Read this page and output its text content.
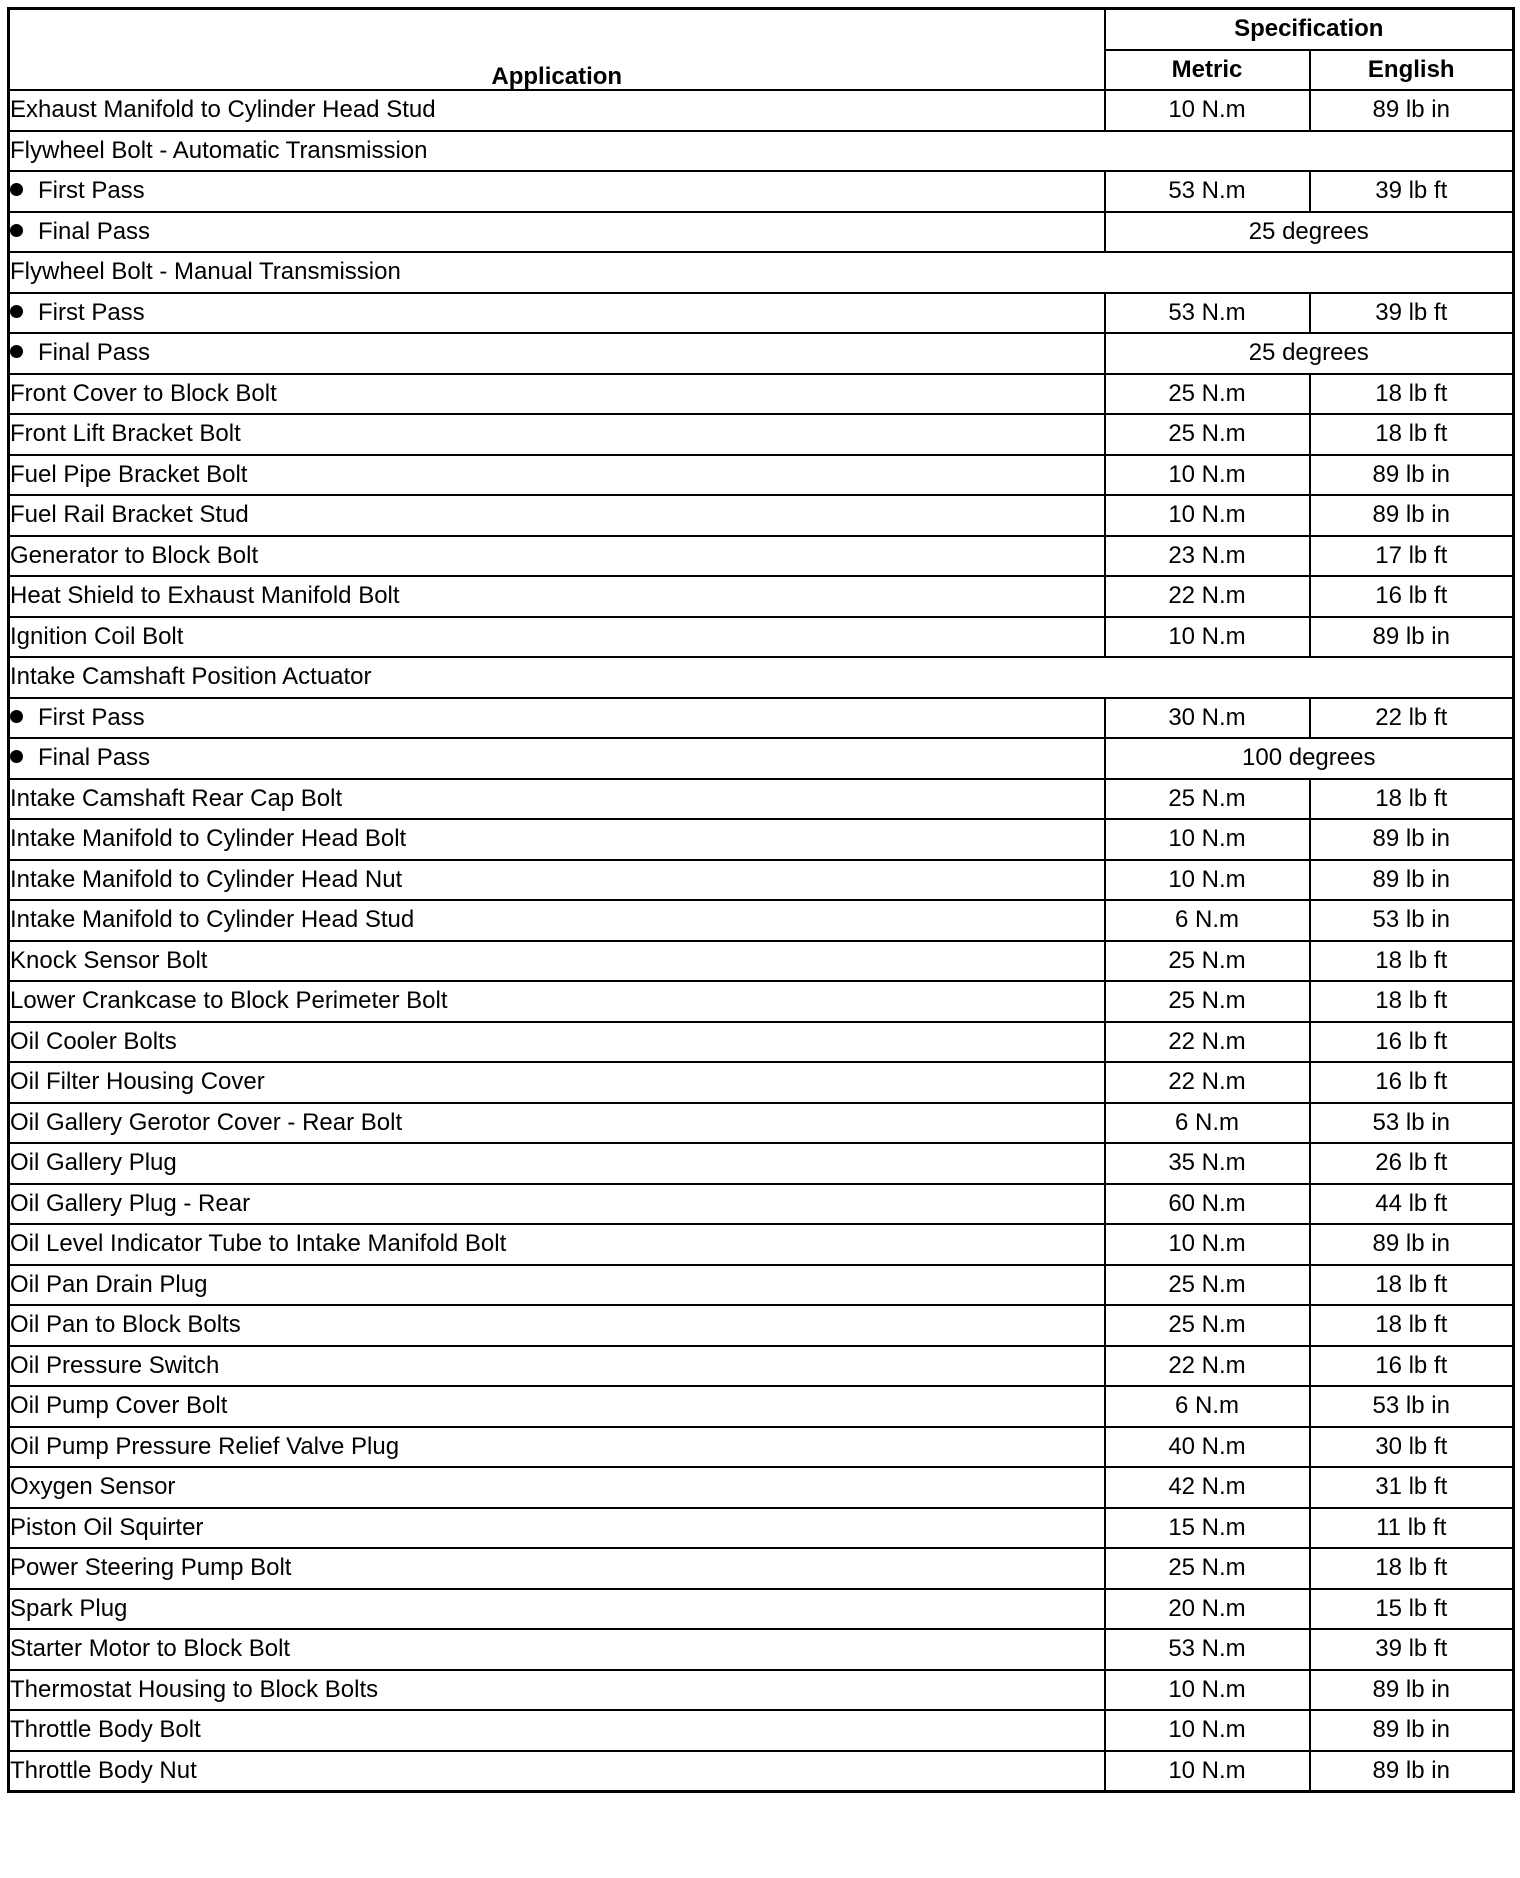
Application	Specification	
	Metric	English
Exhaust Manifold to Cylinder Head Stud	10 N.m	89 lb in
Flywheel Bolt - Automatic Transmission		
First Pass	53 N.m	39 lb ft
Final Pass	25 degrees	
Flywheel Bolt - Manual Transmission		
First Pass	53 N.m	39 lb ft
Final Pass	25 degrees	
Front Cover to Block Bolt	25 N.m	18 lb ft
Front Lift Bracket Bolt	25 N.m	18 lb ft
Fuel Pipe Bracket Bolt	10 N.m	89 lb in
Fuel Rail Bracket Stud	10 N.m	89 lb in
Generator to Block Bolt	23 N.m	17 lb ft
Heat Shield to Exhaust Manifold Bolt	22 N.m	16 lb ft
Ignition Coil Bolt	10 N.m	89 lb in
Intake Camshaft Position Actuator		
First Pass	30 N.m	22 lb ft
Final Pass	100 degrees	
Intake Camshaft Rear Cap Bolt	25 N.m	18 lb ft
Intake Manifold to Cylinder Head Bolt	10 N.m	89 lb in
Intake Manifold to Cylinder Head Nut	10 N.m	89 lb in
Intake Manifold to Cylinder Head Stud	6 N.m	53 lb in
Knock Sensor Bolt	25 N.m	18 lb ft
Lower Crankcase to Block Perimeter Bolt	25 N.m	18 lb ft
Oil Cooler Bolts	22 N.m	16 lb ft
Oil Filter Housing Cover	22 N.m	16 lb ft
Oil Gallery Gerotor Cover - Rear Bolt	6 N.m	53 lb in
Oil Gallery Plug	35 N.m	26 lb ft
Oil Gallery Plug - Rear	60 N.m	44 lb ft
Oil Level Indicator Tube to Intake Manifold Bolt	10 N.m	89 lb in
Oil Pan Drain Plug	25 N.m	18 lb ft
Oil Pan to Block Bolts	25 N.m	18 lb ft
Oil Pressure Switch	22 N.m	16 lb ft
Oil Pump Cover Bolt	6 N.m	53 lb in
Oil Pump Pressure Relief Valve Plug	40 N.m	30 lb ft
Oxygen Sensor	42 N.m	31 lb ft
Piston Oil Squirter	15 N.m	11 lb ft
Power Steering Pump Bolt	25 N.m	18 lb ft
Spark Plug	20 N.m	15 lb ft
Starter Motor to Block Bolt	53 N.m	39 lb ft
Thermostat Housing to Block Bolts	10 N.m	89 lb in
Throttle Body Bolt	10 N.m	89 lb in
Throttle Body Nut	10 N.m	89 lb in
